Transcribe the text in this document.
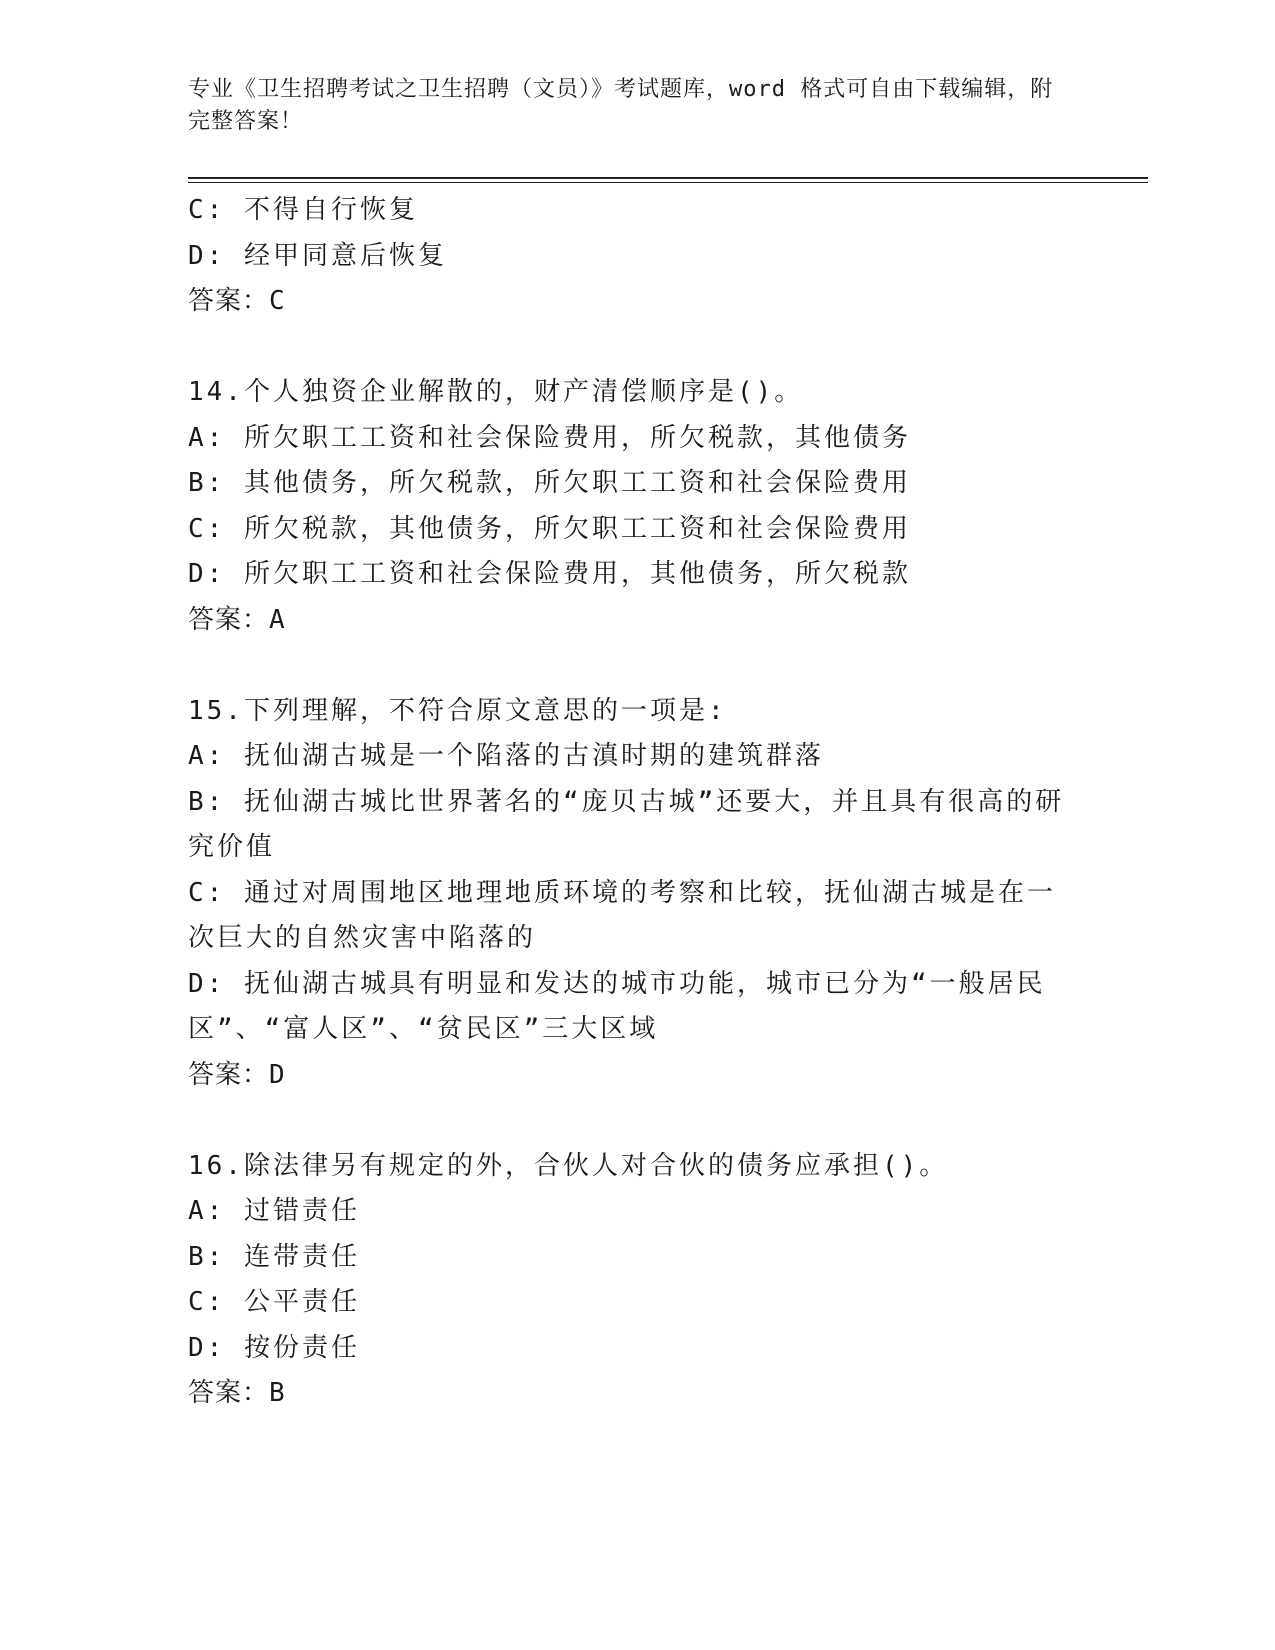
专业《卫生招聘考试之卫生招聘（文员）》考试题库，word 格式可自由下载编辑，附完整答案！
C: 不得自行恢复
D: 经甲同意后恢复
答案：C
14.个人独资企业解散的，财产清偿顺序是()。
A: 所欠职工工资和社会保险费用，所欠税款，其他债务
B: 其他债务，所欠税款，所欠职工工资和社会保险费用
C: 所欠税款，其他债务，所欠职工工资和社会保险费用
D: 所欠职工工资和社会保险费用，其他债务，所欠税款
答案：A
15.下列理解，不符合原文意思的一项是:
A: 抚仙湖古城是一个陷落的古滇时期的建筑群落
B: 抚仙湖古城比世界著名的“庞贝古城”还要大，并且具有很高的研究价值
C: 通过对周围地区地理地质环境的考察和比较，抚仙湖古城是在一次巨大的自然灾害中陷落的
D: 抚仙湖古城具有明显和发达的城市功能，城市已分为“一般居民区”、“富人区”、“贫民区”三大区域
答案：D
16.除法律另有规定的外，合伙人对合伙的债务应承担()。
A: 过错责任
B: 连带责任
C: 公平责任
D: 按份责任
答案：B
